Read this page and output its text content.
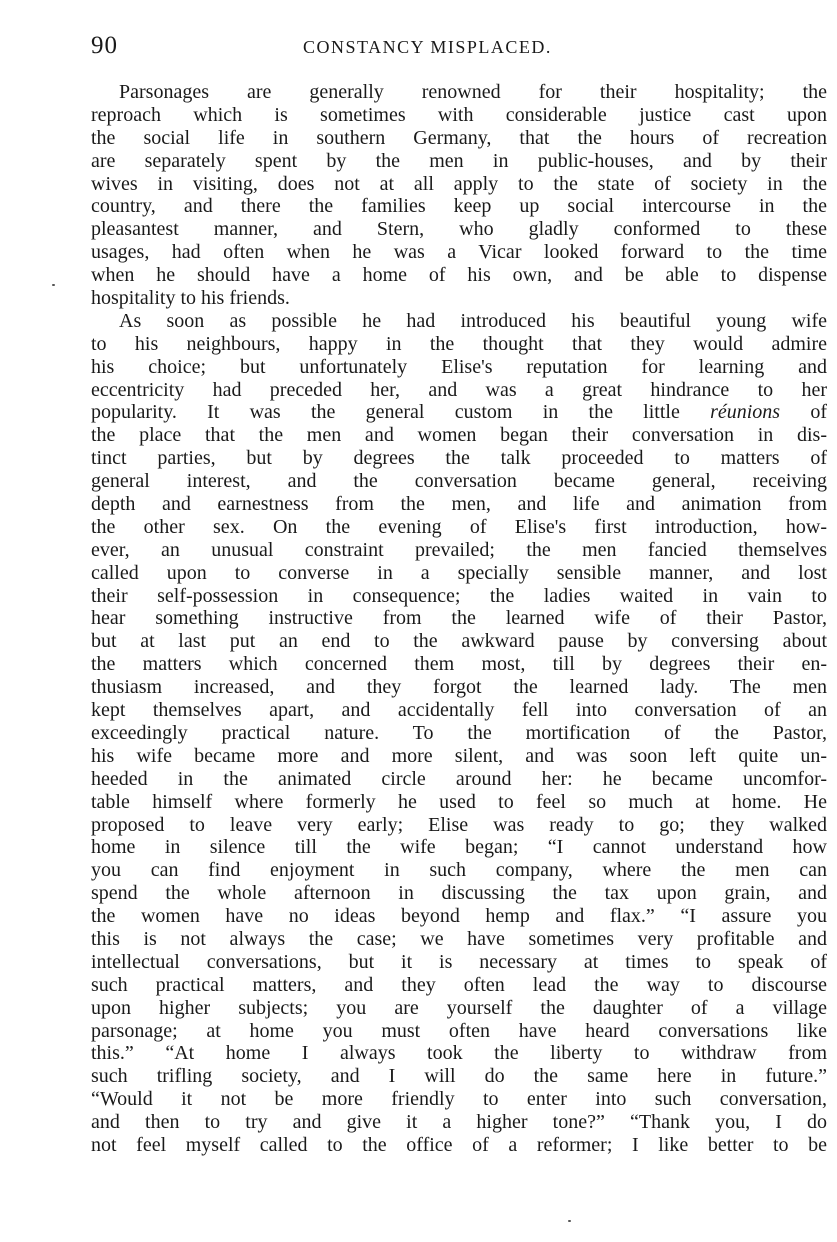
90	CONSTANCY MISPLACED.
Parsonages are generally renowned for their hospitality; the
reproach which is sometimes with considerable justice cast upon
the social life in southern Germany, that the hours of recreation
are separately spent by the men in public-houses, and by their
wives in visiting, does not at all apply to the state of society in the
country, and there the families keep up social intercourse in the
pleasantest manner, and Stern, who gladly conformed to these
usages, had often when he was a Vicar looked forward to the time
when he should have a home of his own, and be able to dispense
hospitality to his friends.
As soon as possible he had introduced his beautiful young wife
to his neighbours, happy in the thought that they would admire
his choice; but unfortunately Elise's reputation for learning and
eccentricity had preceded her, and was a great hindrance to her
popularity. It was the general custom in the little réunions of
the place that the men and women began their conversation in dis-
tinct parties, but by degrees the talk proceeded to matters of
general interest, and the conversation became general, receiving
depth and earnestness from the men, and life and animation from
the other sex. On the evening of Elise's first introduction, how-
ever, an unusual constraint prevailed; the men fancied themselves
called upon to converse in a specially sensible manner, and lost
their self-possession in consequence; the ladies waited in vain to
hear something instructive from the learned wife of their Pastor,
but at last put an end to the awkward pause by conversing about
the matters which concerned them most, till by degrees their en-
thusiasm increased, and they forgot the learned lady. The men
kept themselves apart, and accidentally fell into conversation of an
exceedingly practical nature. To the mortification of the Pastor,
his wife became more and more silent, and was soon left quite un-
heeded in the animated circle around her: he became uncomfor-
table himself where formerly he used to feel so much at home. He
proposed to leave very early; Elise was ready to go; they walked
home in silence till the wife began; “I cannot understand how
you can find enjoyment in such company, where the men can
spend the whole afternoon in discussing the tax upon grain, and
the women have no ideas beyond hemp and flax.” “I assure you
this is not always the case; we have sometimes very profitable and
intellectual conversations, but it is necessary at times to speak of
such practical matters, and they often lead the way to discourse
upon higher subjects; you are yourself the daughter of a village
parsonage; at home you must often have heard conversations like
this.” “At home I always took the liberty to withdraw from
such trifling society, and I will do the same here in future.”
“Would it not be more friendly to enter into such conversation,
and then to try and give it a higher tone?” “Thank you, I do
not feel myself called to the office of a reformer; I like better to be
